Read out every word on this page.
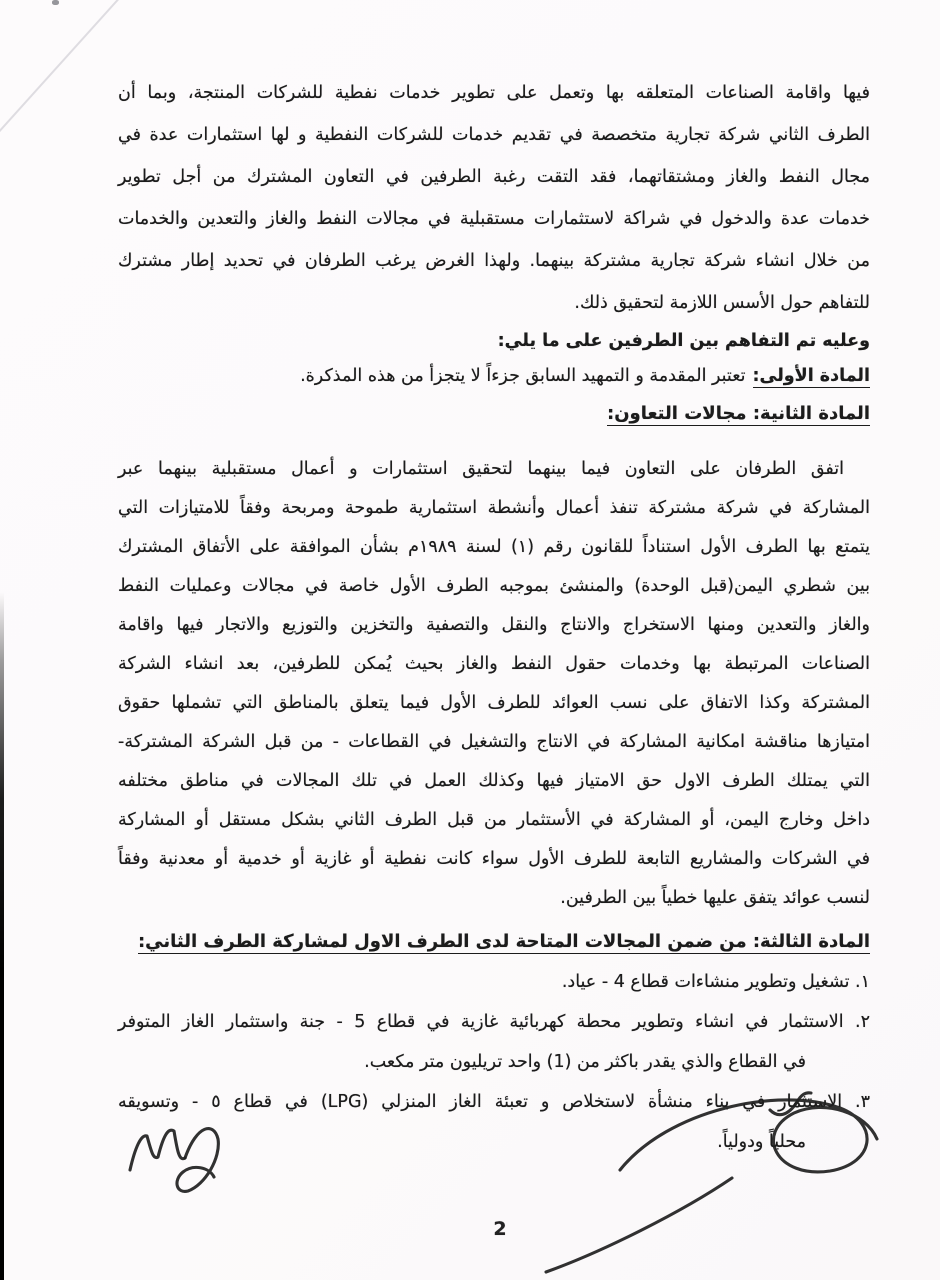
فيها واقامة الصناعات المتعلقه بها وتعمل على تطوير خدمات نفطية للشركات المنتجة، وبما أن
الطرف الثاني شركة تجارية متخصصة في تقديم خدمات للشركات النفطية و لها استثمارات عدة في
مجال النفط والغاز ومشتقاتهما، فقد التقت رغبة الطرفين في التعاون المشترك من أجل تطوير
خدمات عدة والدخول في شراكة لاستثمارات مستقبلية في مجالات النفط والغاز والتعدين والخدمات
من خلال انشاء شركة تجارية مشتركة بينهما. ولهذا الغرض يرغب الطرفان في تحديد إطار مشترك
للتفاهم حول الأسس اللازمة لتحقيق ذلك.
وعليه تم التفاهم بين الطرفين على ما يلي:
المادة الأولى:تعتبر المقدمة و التمهيد السابق جزءاً لا يتجزأ من هذه المذكرة.
المادة الثانية: مجالات التعاون:
اتفق الطرفان على التعاون فيما بينهما لتحقيق استثمارات و أعمال مستقبلية بينهما عبر
المشاركة في شركة مشتركة تنفذ أعمال وأنشطة استثمارية طموحة ومربحة وفقاً للامتيازات التي
يتمتع بها الطرف الأول استناداً للقانون رقم (١) لسنة ١٩٨٩م بشأن الموافقة على الأتفاق المشترك
بين شطري اليمن(قبل الوحدة) والمنشئ بموجبه الطرف الأول خاصة في مجالات وعمليات النفط
والغاز والتعدين ومنها الاستخراج والانتاج والنقل والتصفية والتخزين والتوزيع والاتجار فيها واقامة
الصناعات المرتبطة بها وخدمات حقول النفط والغاز بحيث يُمكن للطرفين، بعد انشاء الشركة
المشتركة وكذا الاتفاق على نسب العوائد للطرف الأول فيما يتعلق بالمناطق التي تشملها حقوق
امتيازها مناقشة امكانية المشاركة في الانتاج والتشغيل في القطاعات - من قبل الشركة المشتركة-
التي يمتلك الطرف الاول حق الامتياز فيها وكذلك العمل في تلك المجالات في مناطق مختلفه
داخل وخارج اليمن، أو المشاركة في الأستثمار من قبل الطرف الثاني بشكل مستقل أو المشاركة
في الشركات والمشاريع التابعة للطرف الأول سواء كانت نفطية أو غازية أو خدمية أو معدنية وفقاً
لنسب عوائد يتفق عليها خطياً بين الطرفين.
المادة الثالثة: من ضمن المجالات المتاحة لدى الطرف الاول لمشاركة الطرف الثاني:
١. تشغيل وتطوير منشاءات قطاع 4 - عياد.
٢. الاستثمار في انشاء وتطوير محطة كهربائية غازية في قطاع 5 - جنة واستثمار الغاز المتوفر
في القطاع والذي يقدر باكثر من (1) واحد تريليون متر مكعب.
٣. الاستثمار في بناء منشأة لاستخلاص و تعبئة الغاز المنزلي (LPG) في قطاع ٥ - وتسويقه
محلياً ودولياً.
2
